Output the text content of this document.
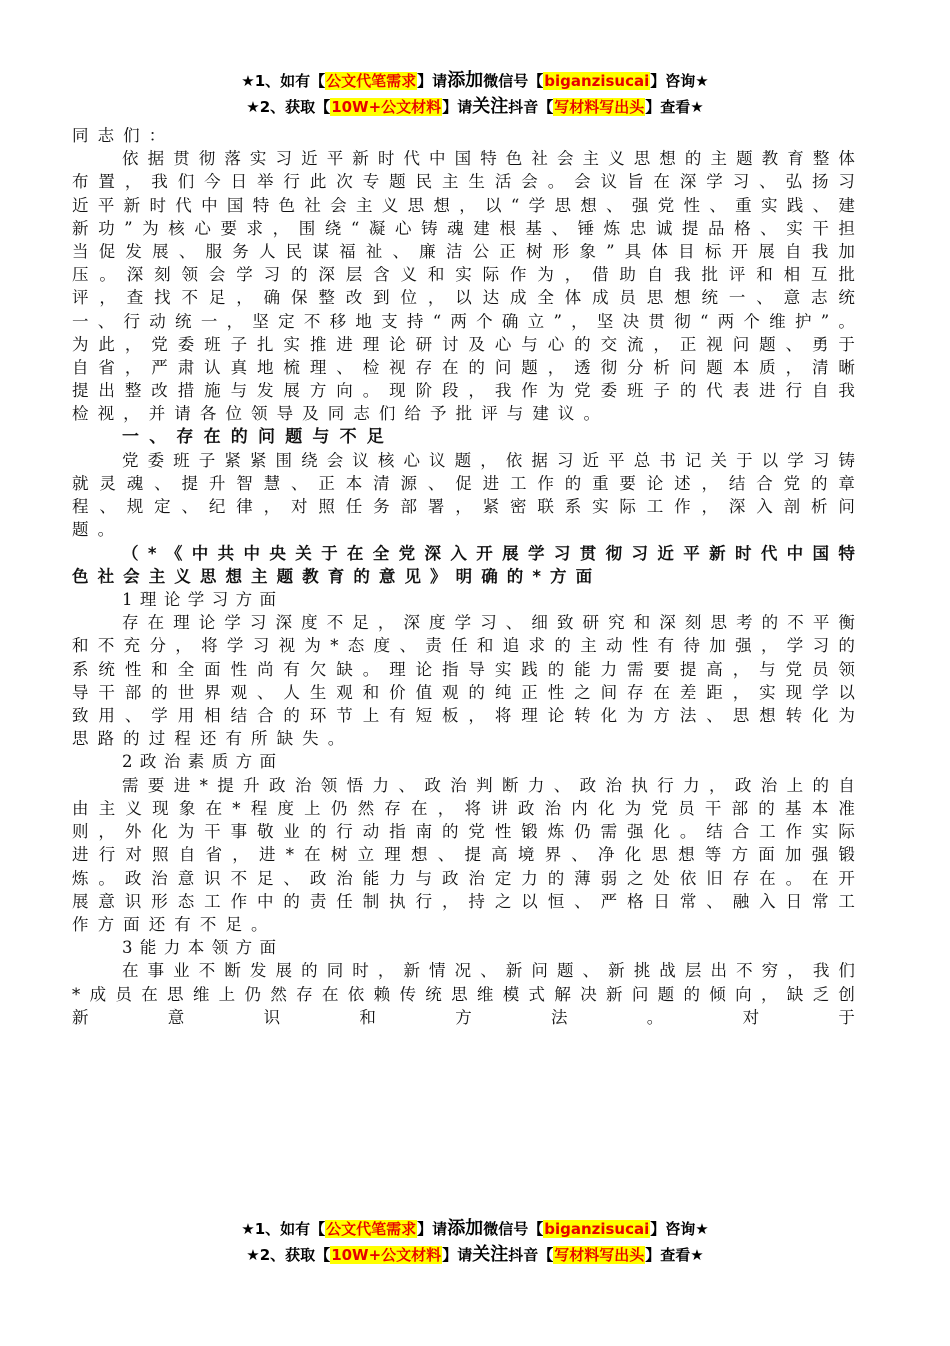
★1、如有【公文代笔需求】请添加微信号【biganzisucai】咨询★
★2、获取【10W+公文材料】请关注抖音【写材料写出头】查看★

同志们：

依据贯彻落实习近平新时代中国特色社会主义思想的主题教育整体布置，我们今日举行此次专题民主生活会。会议旨在深学习、弘扬习近平新时代中国特色社会主义思想，以“学思想、强党性、重实践、建新功”为核心要求，围绕“凝心铸魂建根基、锤炼忠诚提品格、实干担当促发展、服务人民谋福祉、廉洁公正树形象”具体目标开展自我加压。深刻领会学习的深层含义和实际作为，借助自我批评和相互批评，查找不足，确保整改到位，以达成全体成员思想统一、意志统一、行动统一，坚定不移地支持“两个确立”，坚决贯彻“两个维护”。为此，党委班子扎实推进理论研讨及心与心的交流，正视问题、勇于自省，严肃认真地梳理、检视存在的问题，透彻分析问题本质，清晰提出整改措施与发展方向。现阶段，我作为党委班子的代表进行自我检视，并请各位领导及同志们给予批评与建议。

一、存在的问题与不足

党委班子紧紧围绕会议核心议题，依据习近平总书记关于以学习铸就灵魂、提升智慧、正本清源、促进工作的重要论述，结合党的章程、规定、纪律，对照任务部署，紧密联系实际工作，深入剖析问题。

（*《中共中央关于在全党深入开展学习贯彻习近平新时代中国特色社会主义思想主题教育的意见》明确的*方面

1理论学习方面

存在理论学习深度不足，深度学习、细致研究和深刻思考的不平衡和不充分，将学习视为*态度、责任和追求的主动性有待加强，学习的系统性和全面性尚有欠缺。理论指导实践的能力需要提高，与党员领导干部的世界观、人生观和价值观的纯正性之间存在差距，实现学以致用、学用相结合的环节上有短板，将理论转化为方法、思想转化为思路的过程还有所缺失。

2政治素质方面

需要进*提升政治领悟力、政治判断力、政治执行力，政治上的自由主义现象在*程度上仍然存在，将讲政治内化为党员干部的基本准则，外化为干事敬业的行动指南的党性锻炼仍需强化。结合工作实际进行对照自省，进*在树立理想、提高境界、净化思想等方面加强锻炼。政治意识不足、政治能力与政治定力的薄弱之处依旧存在。在开展意识形态工作中的责任制执行，持之以恒、严格日常、融入日常工作方面还有不足。

3能力本领方面

在事业不断发展的同时，新情况、新问题、新挑战层出不穷，我们*成员在思维上仍然存在依赖传统思维模式解决新问题的倾向，缺乏创新意识和方法。对于

★1、如有【公文代笔需求】请添加微信号【biganzisucai】咨询★
★2、获取【10W+公文材料】请关注抖音【写材料写出头】查看★
